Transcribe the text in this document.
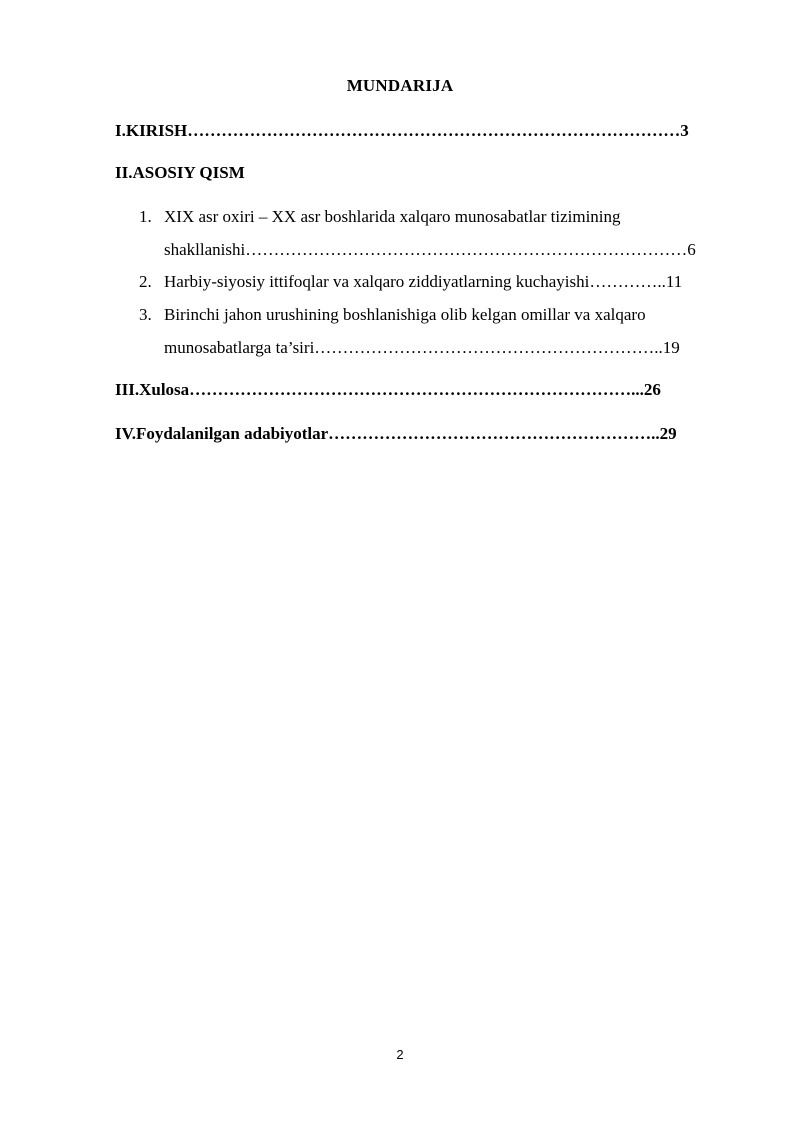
MUNDARIJA
I.KIRISH……………………………………………………………………………3
II.ASOSIY QISM
1. XIX asr oxiri – XX asr boshlarida xalqaro munosabatlar tizimining
shakllanishi……………………………………………………………………6
2. Harbiy-siyosiy ittifoqlar va xalqaro ziddiyatlarning kuchayishi…………..11
3. Birinchi jahon urushining boshlanishiga olib kelgan omillar va xalqaro
munosabatlarga ta’siri……………………………………………………..19
III.Xulosa……………………………………………………………………...26
IV.Foydalanilgan adabiyotlar…………………………………………………..29
2
